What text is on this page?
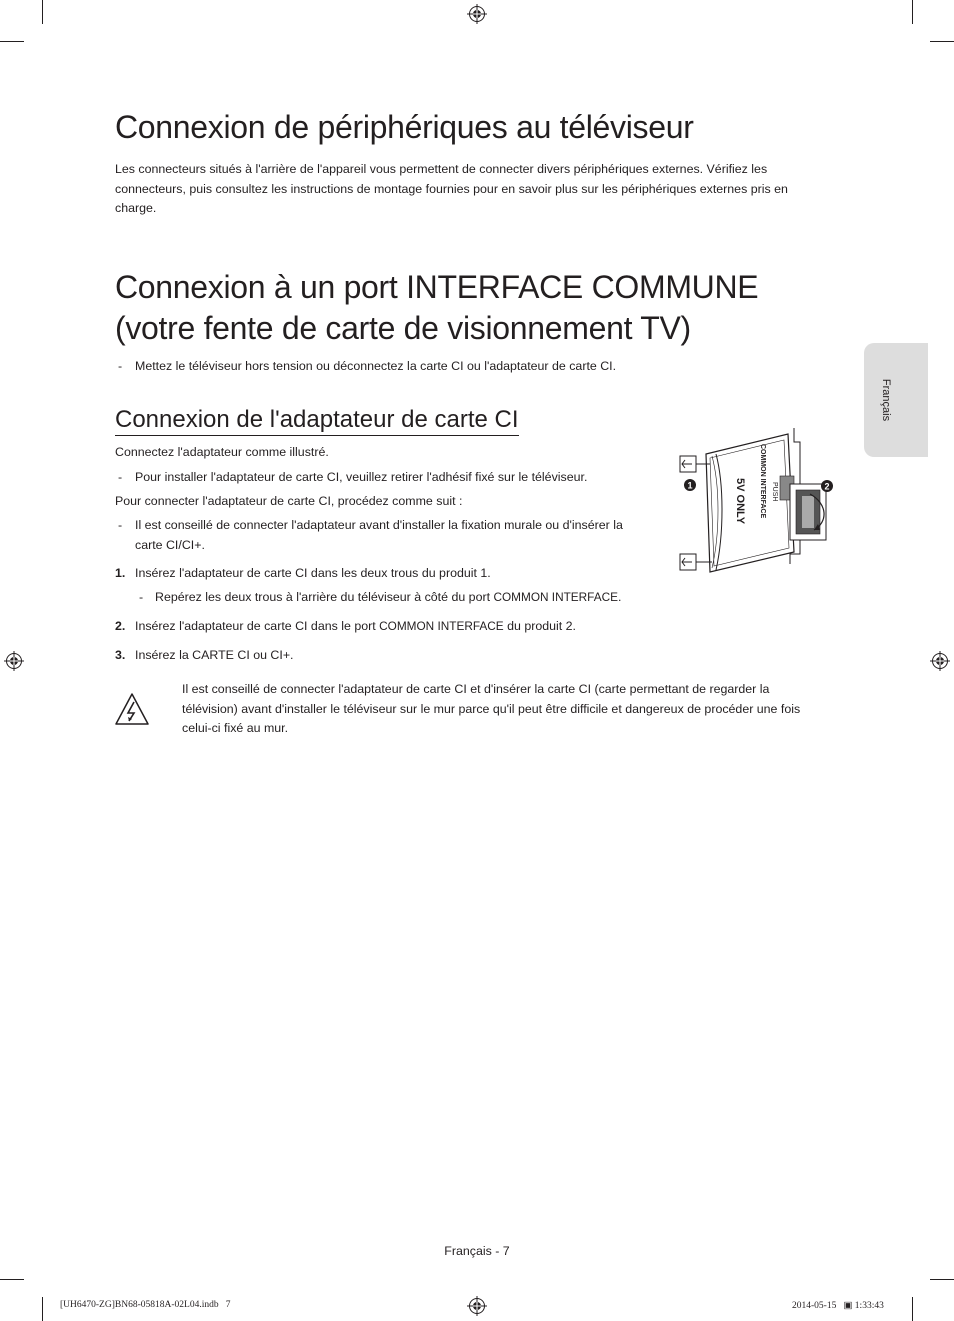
Connexion de périphériques au téléviseur
Les connecteurs situés à l'arrière de l'appareil vous permettent de connecter divers périphériques externes. Vérifiez les
connecteurs, puis consultez les instructions de montage fournies pour en savoir plus sur les périphériques externes pris en
charge.
Connexion à un port INTERFACE COMMUNE
(votre fente de carte de visionnement TV)
- Mettez le téléviseur hors tension ou déconnectez la carte CI ou l'adaptateur de carte CI.
Connexion de l'adaptateur de carte CI
Connectez l'adaptateur comme illustré.
- Pour installer l'adaptateur de carte CI, veuillez retirer l'adhésif fixé sur le téléviseur.
Pour connecter l'adaptateur de carte CI, procédez comme suit :
- Il est conseillé de connecter l'adaptateur avant d'installer la fixation murale ou d'insérer la
carte CI/CI+.
1. Insérez l'adaptateur de carte CI dans les deux trous du produit 1.
- Repérez les deux trous à l'arrière du téléviseur à côté du port COMMON INTERFACE.
2. Insérez l'adaptateur de carte CI dans le port COMMON INTERFACE du produit 2.
3. Insérez la CARTE CI ou CI+.
Il est conseillé de connecter l'adaptateur de carte CI et d'insérer la carte CI (carte permettant de regarder la
télévision) avant d'installer le téléviseur sur le mur parce qu'il peut être difficile et dangereux de procéder une fois
celui-ci fixé au mur.
1	2
PUSH
COMMON INTERFACE
5V ONLY
Français
Français - 7
[UH6470-ZG]BN68-05818A-02L04.indb   7	2014-05-15   ▣ 1:33:43
